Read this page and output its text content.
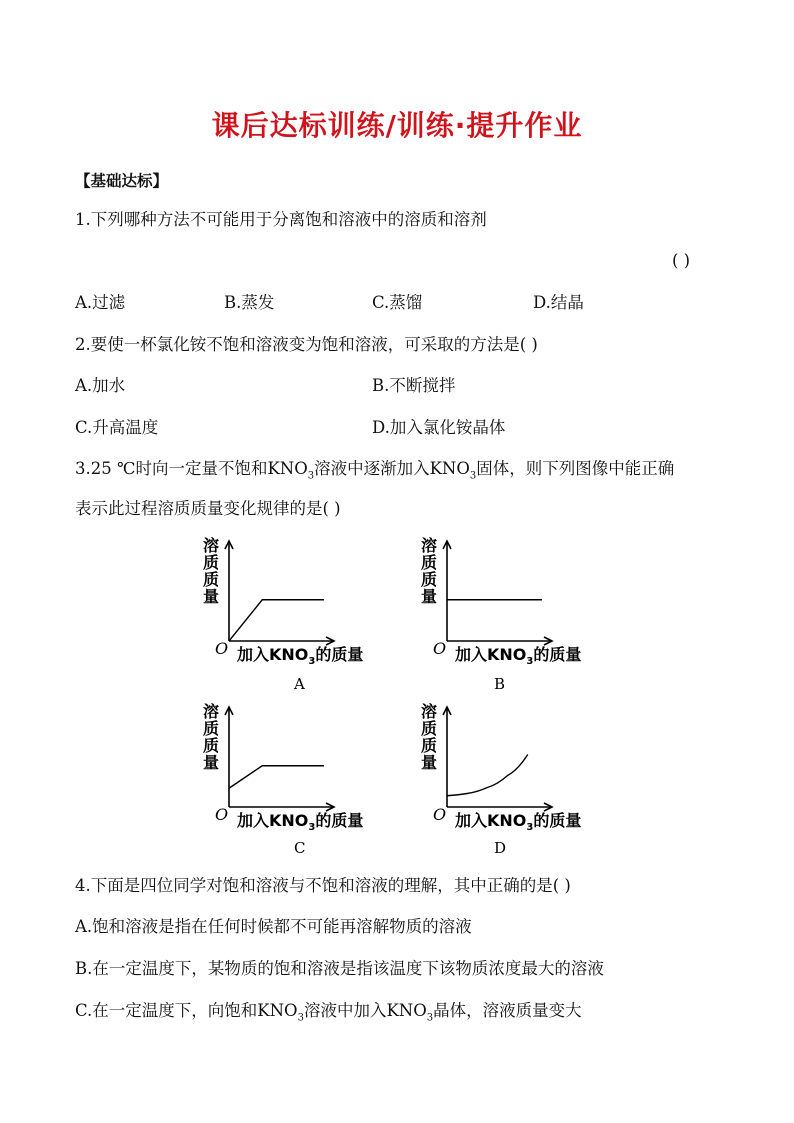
课后达标训练/训练·提升作业
【基础达标】
1.下列哪种方法不可能用于分离饱和溶液中的溶质和溶剂
( )
A.过滤	B.蒸发	C.蒸馏	D.结晶
2.要使一杯氯化铵不饱和溶液变为饱和溶液，可采取的方法是( )
A.加水	B.不断搅拌
C.升高温度	D.加入氯化铵晶体
3.25 ℃时向一定量不饱和$KNO_3$溶液中逐渐加入$KNO_3$固体，则下列图像中能正确
表示此过程溶质质量变化规律的是( )
溶
质
质
量
O 加入$KNO_3$的质量
A
溶
质
质
量
O 加入$KNO_3$的质量
B
溶
质
质
量
O 加入$KNO_3$的质量
C
溶
质
质
量
O 加入$KNO_3$的质量
D
4.下面是四位同学对饱和溶液与不饱和溶液的理解，其中正确的是( )
A.饱和溶液是指在任何时候都不可能再溶解物质的溶液
B.在一定温度下，某物质的饱和溶液是指该温度下该物质浓度最大的溶液
C.在一定温度下，向饱和$KNO_3$溶液中加入$KNO_3$晶体，溶液质量变大
